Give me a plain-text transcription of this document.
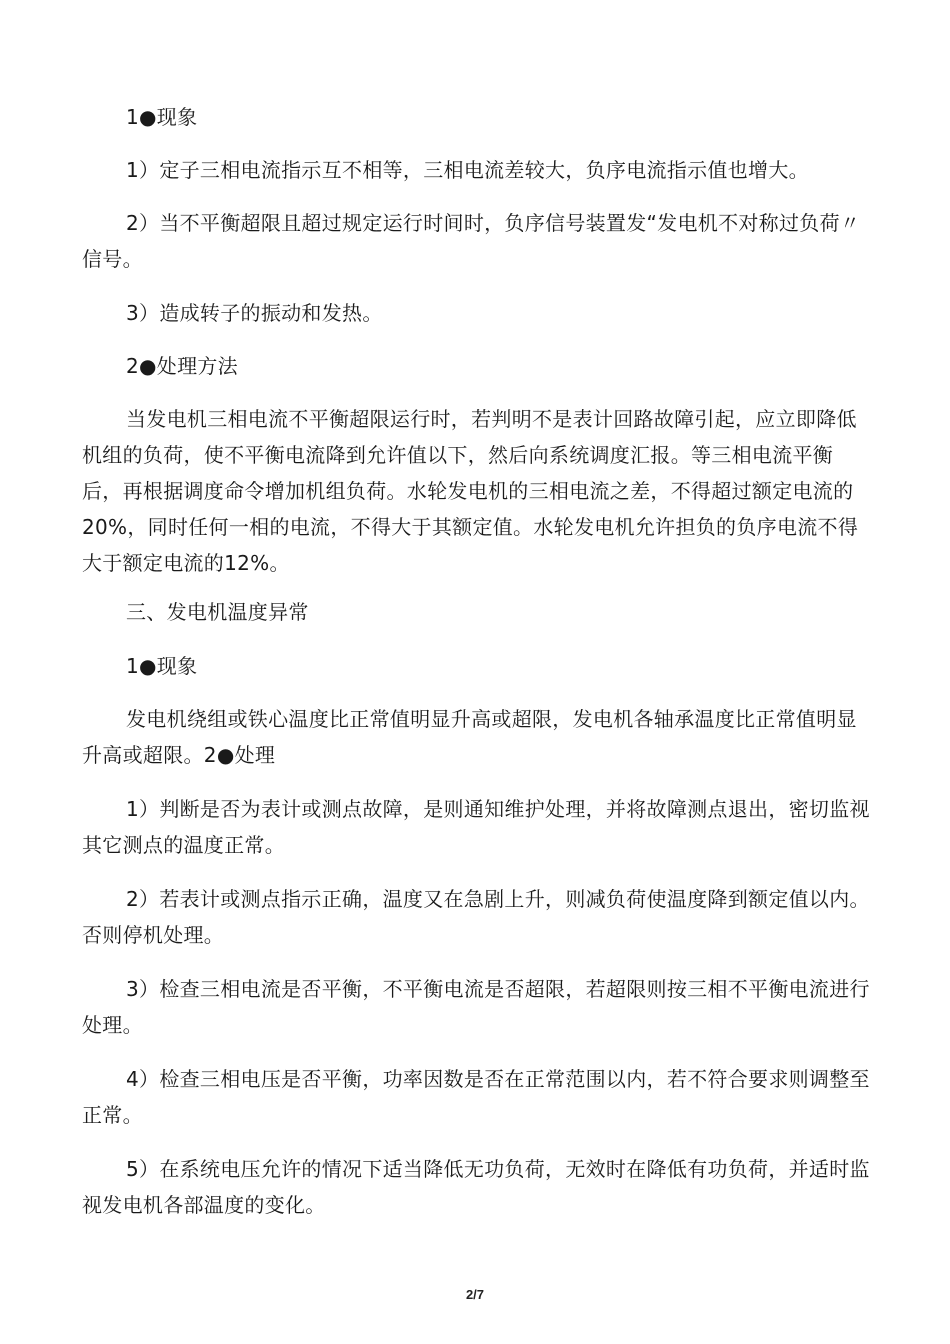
1●现象

1）定子三相电流指示互不相等，三相电流差较大，负序电流指示值也增大。

2）当不平衡超限且超过规定运行时间时，负序信号装置发“发电机不对称过负荷〃信号。

3）造成转子的振动和发热。

2●处理方法

当发电机三相电流不平衡超限运行时，若判明不是表计回路故障引起，应立即降低机组的负荷，使不平衡电流降到允许值以下，然后向系统调度汇报。等三相电流平衡后，再根据调度命令增加机组负荷。水轮发电机的三相电流之差，不得超过额定电流的20%，同时任何一相的电流，不得大于其额定值。水轮发电机允许担负的负序电流不得大于额定电流的12%。

三、发电机温度异常

1●现象

发电机绕组或铁心温度比正常值明显升高或超限，发电机各轴承温度比正常值明显升高或超限。2●处理

1）判断是否为表计或测点故障，是则通知维护处理，并将故障测点退出，密切监视其它测点的温度正常。

2）若表计或测点指示正确，温度又在急剧上升，则减负荷使温度降到额定值以内。否则停机处理。

3）检查三相电流是否平衡，不平衡电流是否超限，若超限则按三相不平衡电流进行处理。

4）检查三相电压是否平衡，功率因数是否在正常范围以内，若不符合要求则调整至正常。

5）在系统电压允许的情况下适当降低无功负荷，无效时在降低有功负荷，并适时监视发电机各部温度的变化。

2/7
